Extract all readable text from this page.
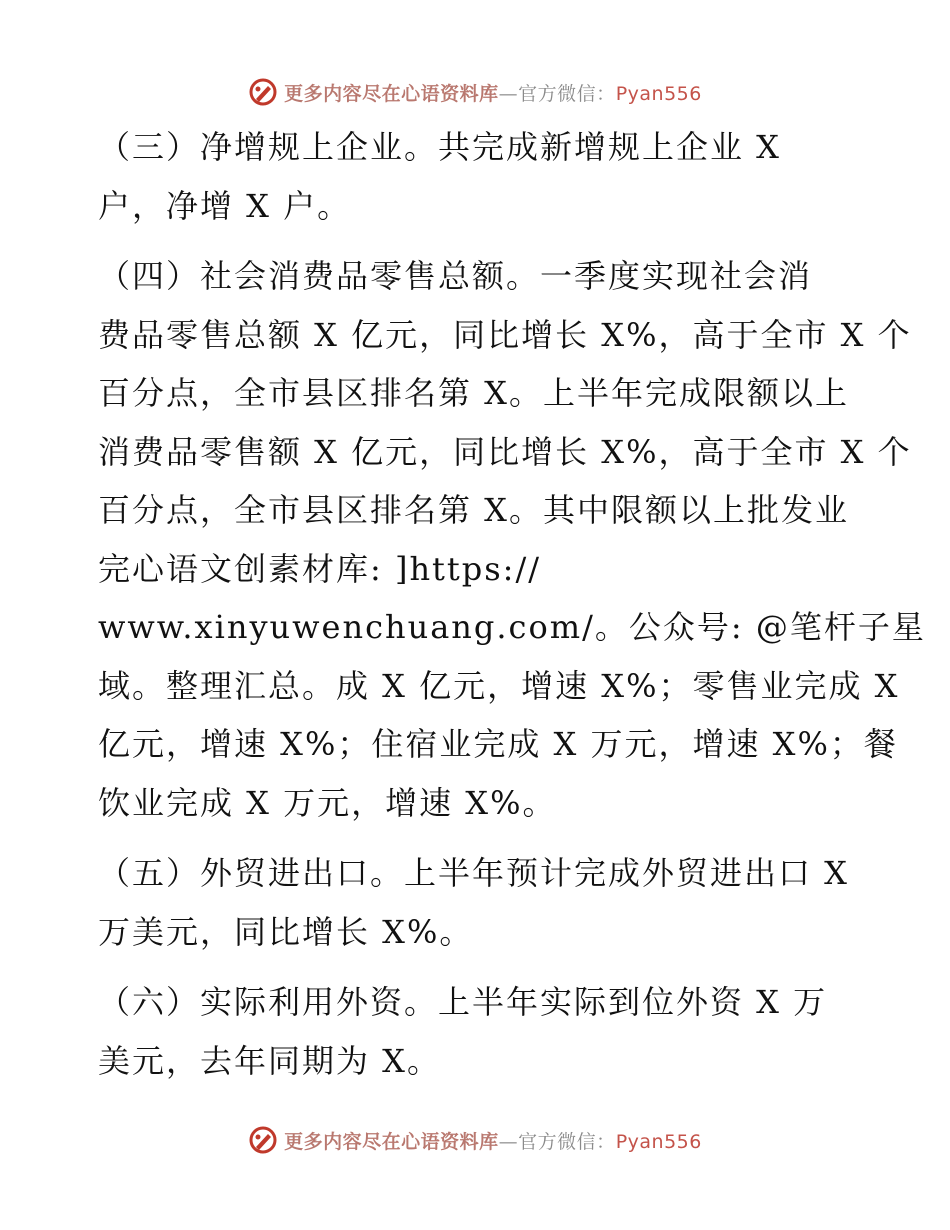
更多内容尽在心语资料库—官方微信：Pyan556

（三）净增规上企业。共完成新增规上企业 X
户，净增 X 户。

（四）社会消费品零售总额。一季度实现社会消
费品零售总额 X 亿元，同比增长 X%，高于全市 X 个
百分点，全市县区排名第 X。上半年完成限额以上
消费品零售额 X 亿元，同比增长 X%，高于全市 X 个
百分点，全市县区排名第 X。其中限额以上批发业
完心语文创素材库: ]https://
www.xinyuwenchuang.com/。公众号: @笔杆子星
域。整理汇总。成 X 亿元，增速 X%；零售业完成 X
亿元，增速 X%；住宿业完成 X 万元，增速 X%；餐
饮业完成 X 万元，增速 X%。

（五）外贸进出口。上半年预计完成外贸进出口 X
万美元，同比增长 X%。

（六）实际利用外资。上半年实际到位外资 X 万
美元，去年同期为 X。

更多内容尽在心语资料库—官方微信：Pyan556
